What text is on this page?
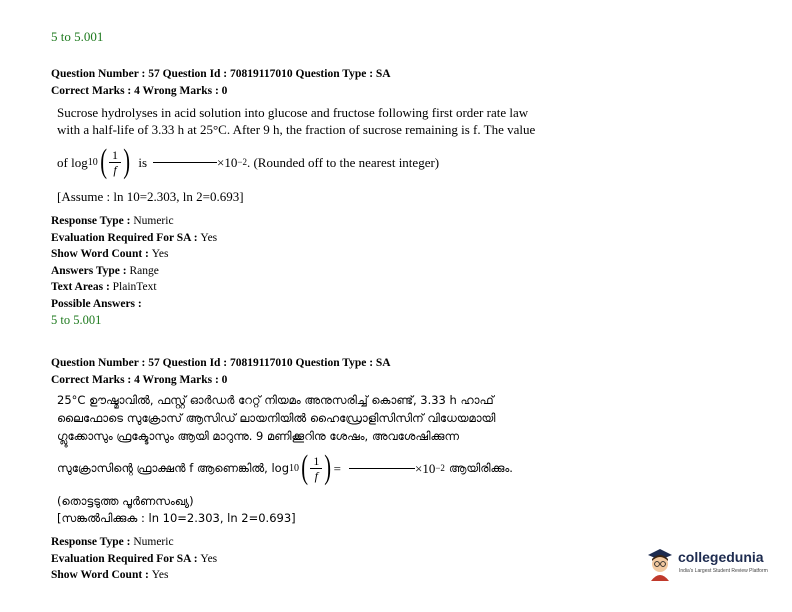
5 to 5.001
Question Number : 57 Question Id : 70819117010 Question Type : SA
Correct Marks : 4 Wrong Marks : 0
Sucrose hydrolyses in acid solution into glucose and fructose following first order rate law
with a half-life of 3.33 h at 25°C. After 9 h, the fraction of sucrose remaining is f. The value
of log 10 ( 1
f ) is	×10 −2 . (Rounded off to the nearest integer)
[Assume : ln 10=2.303, ln 2=0.693]
Response Type : Numeric
Evaluation Required For SA : Yes
Show Word Count : Yes
Answers Type : Range
Text Areas : PlainText
Possible Answers :
5 to 5.001
Question Number : 57 Question Id : 70819117010 Question Type : SA
Correct Marks : 4 Wrong Marks : 0
25°C ഊഷ്മാവിൽ, ഫസ്റ്റ് ഓർഡർ റേറ്റ് നിയമം അനുസരിച്ച് കൊണ്ട്, 3.33 h ഹാഫ്
ലൈഫോടെ സുക്രോസ് ആസിഡ് ലായനിയിൽ ഹൈഡ്രോളിസിസിന് വിധേയമായി
ഗ്ലൂക്കോസും ഫ്രക്ടോസും ആയി മാറുന്നു. 9 മണിക്കൂറിനു ശേഷം, അവശേഷിക്കുന്ന
സുക്രോസിന്റെ ഫ്രാക്ഷൻ f ആണെങ്കിൽ, log 10 ( 1
f ) =	×10 −2 ആയിരിക്കും.
(തൊട്ടടുത്ത പൂർണസംഖ്യ)
[സങ്കൽപിക്കുക : ln 10=2.303, ln 2=0.693]
Response Type : Numeric
Evaluation Required For SA : Yes
Show Word Count : Yes
collegedunia
India's Largest Student Review Platform
